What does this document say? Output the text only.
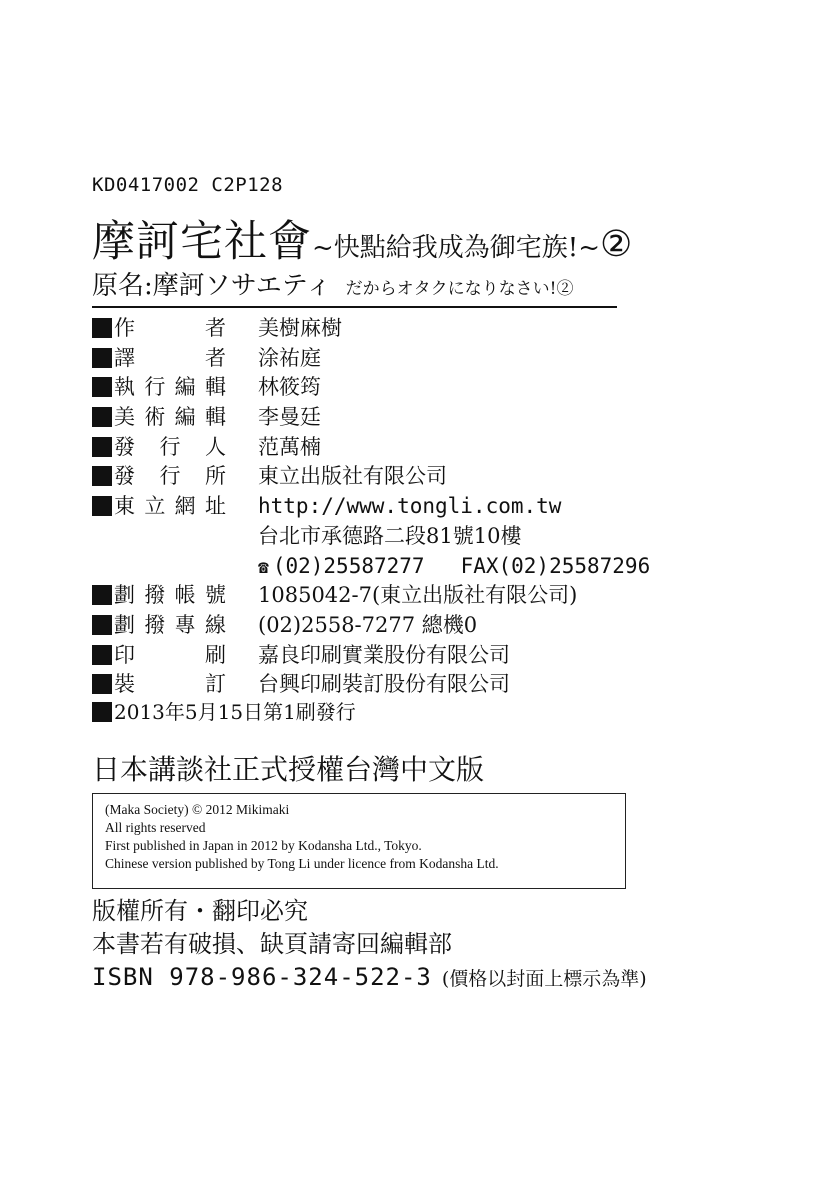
KD0417002 C2P128
摩訶宅社會~快點給我成為御宅族!~②
原名:摩訶ソサエティ だからオタクになりなさい!②
作　　者	美樹麻樹
譯　　者	涂祐庭
執行編輯	林筱筠
美術編輯	李曼廷
發 行 人	范萬楠
發 行 所	東立出版社有限公司
東立網址	http://www.tongli.com.tw
台北市承德路二段81號10樓
☎ (02)25587277 FAX(02)25587296
劃撥帳號	1085042-7(東立出版社有限公司)
劃撥專線	(02)2558-7277 總機0
印　　刷	嘉良印刷實業股份有限公司
裝　　訂	台興印刷裝訂股份有限公司
2013年5月15日第1刷發行
日本講談社正式授權台灣中文版
(Maka Society) © 2012 Mikimaki
All rights reserved
First published in Japan in 2012 by Kodansha Ltd., Tokyo.
Chinese version published by Tong Li under licence from Kodansha Ltd.
版權所有・翻印必究
本書若有破損、缺頁請寄回編輯部
ISBN 978-986-324-522-3 (價格以封面上標示為準)
